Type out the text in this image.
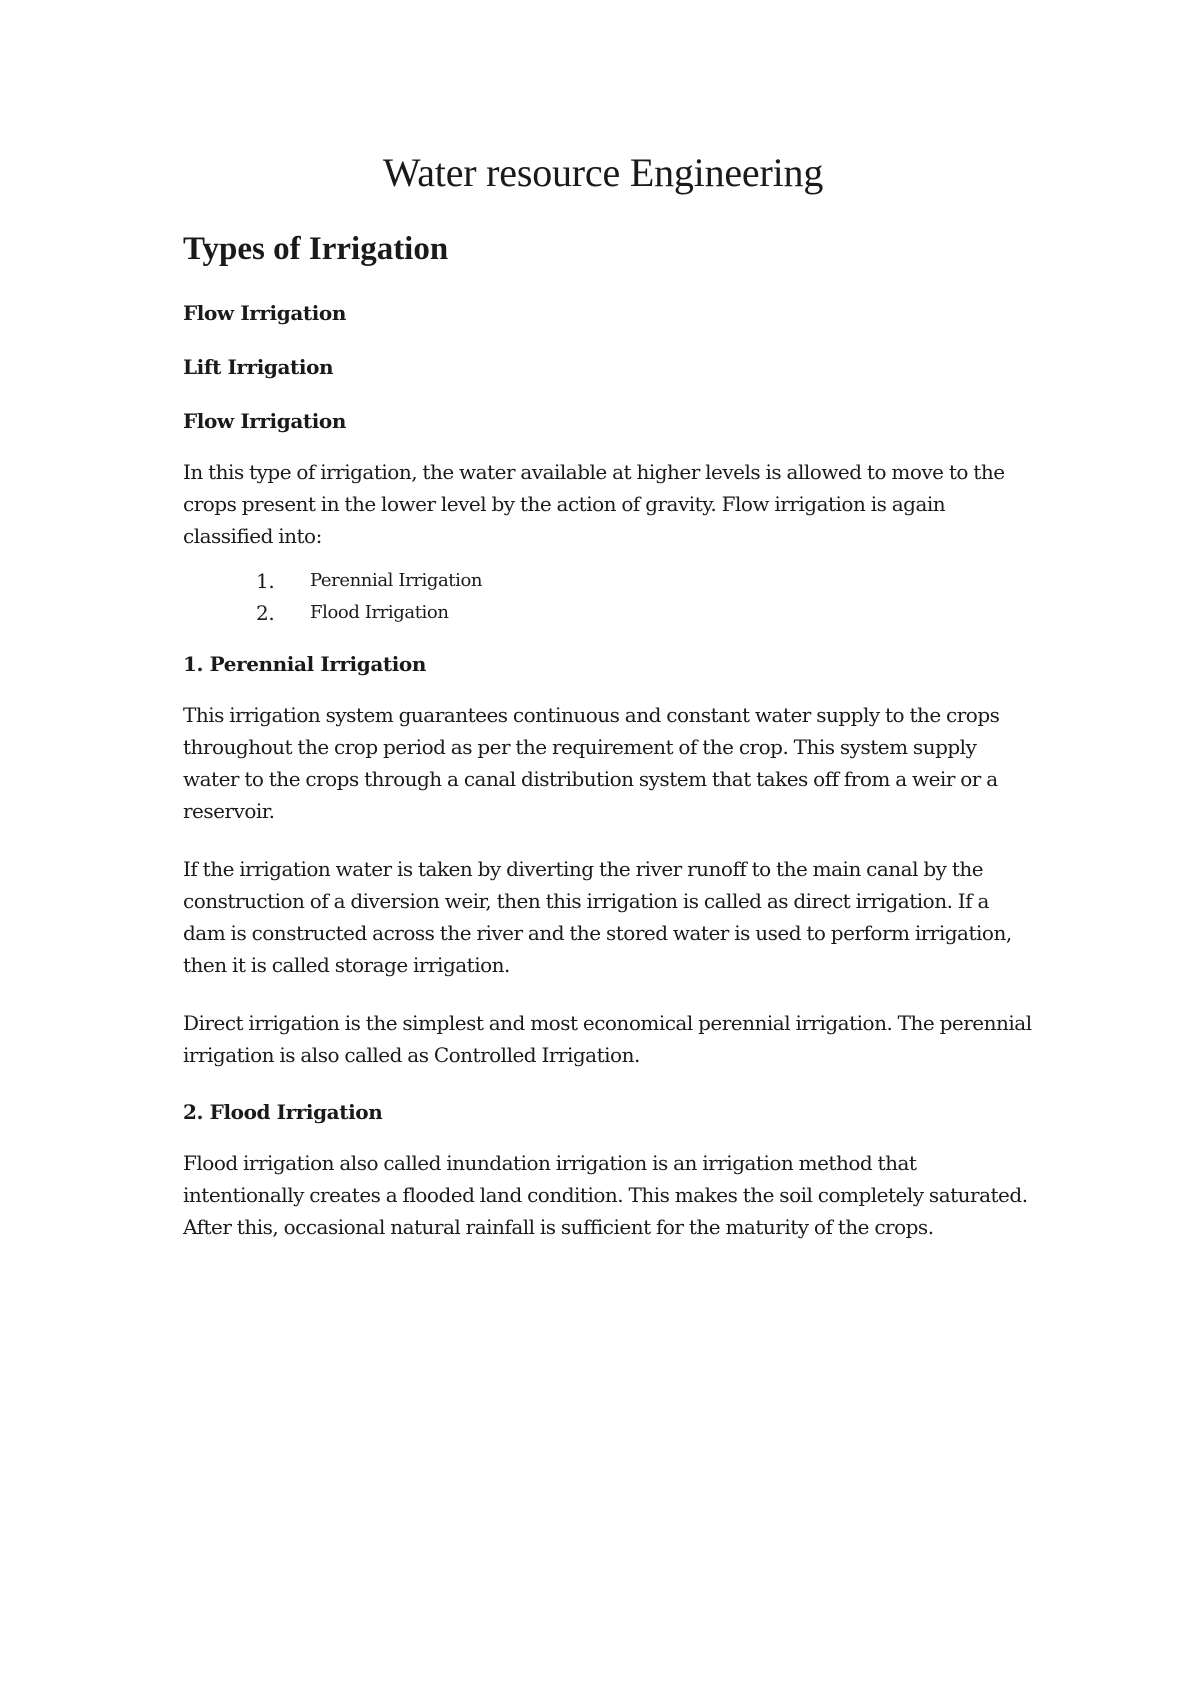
Water resource Engineering
Types of Irrigation

Flow Irrigation

Lift Irrigation

Flow Irrigation

In this type of irrigation, the water available at higher levels is allowed to move to the crops present in the lower level by the action of gravity. Flow irrigation is again classified into:

1.	Perennial Irrigation
2.	Flood Irrigation

1. Perennial Irrigation

This irrigation system guarantees continuous and constant water supply to the crops throughout the crop period as per the requirement of the crop. This system supply water to the crops through a canal distribution system that takes off from a weir or a reservoir.

If the irrigation water is taken by diverting the river runoff to the main canal by the construction of a diversion weir, then this irrigation is called as direct irrigation. If a dam is constructed across the river and the stored water is used to perform irrigation, then it is called storage irrigation.

Direct irrigation is the simplest and most economical perennial irrigation. The perennial irrigation is also called as Controlled Irrigation.

2. Flood Irrigation

Flood irrigation also called inundation irrigation is an irrigation method that intentionally creates a flooded land condition. This makes the soil completely saturated. After this, occasional natural rainfall is sufficient for the maturity of the crops.
